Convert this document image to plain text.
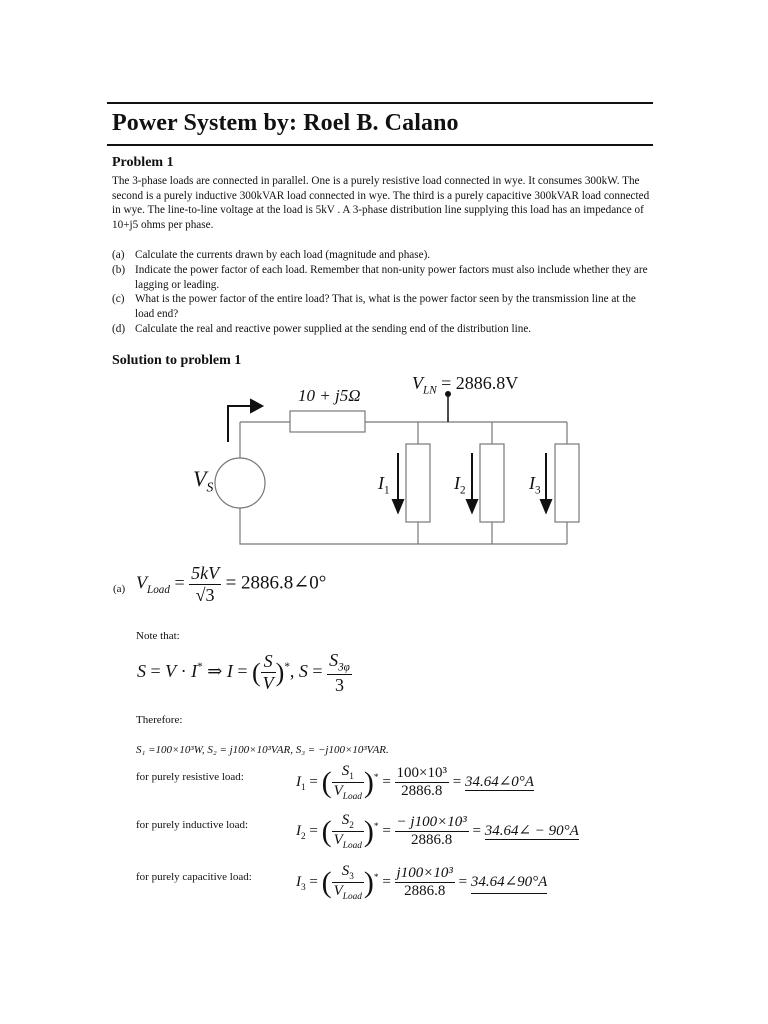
Power System by: Roel B. Calano
Problem 1
The 3-phase loads are connected in parallel. One is a purely resistive load connected in wye. It consumes 300kW. The second is a purely inductive 300kVAR load connected in wye. The third is a purely capacitive 300kVAR load connected in wye. The line-to-line voltage at the load is 5kV . A 3-phase distribution line supplying this load has an impedance of 10+j5 ohms per phase.
(a) Calculate the currents drawn by each load (magnitude and phase).
(b) Indicate the power factor of each load. Remember that non-unity power factors must also include whether they are lagging or leading.
(c) What is the power factor of the entire load? That is, what is the power factor seen by the transmission line at the load end?
(d) Calculate the real and reactive power supplied at the sending end of the distribution line.
Solution to problem 1
10 + j5Ω
$V_{LN} = 2886.8V$
$V_S$	$I_1$	$I_2$	$I_3$
(a) $V_{Load} = \frac{5kV}{√3}$ = 2886.8∠0°
Note that:
S = V · I* ⇒ I = ( $\frac{S}{V} )^*$, $S = \frac{S_{3\varphi}}{3}$
Therefore:
S₁ =100×10³W, S₂ = j100×10³VAR, S₃ = −j100×10³VAR.
for purely resistive load:	$I_1$ = ( $\frac{S_1}{V_{Load}} )^* = \frac{\text{100×10³}}{2886.8}$ = 34.64∠0°A
for purely inductive load:	$I_2$ = ( $\frac{S_2}{V_{Load}} )^* = \frac{\text{− j100×10³}}{2886.8}$ = 34.64∠ − 90°A
for purely capacitive load:	$I_3$ = ( $\frac{S_3}{V_{Load}} )^* = \frac{\text{j100×10³}}{2886.8}$ = 34.64∠90°A
